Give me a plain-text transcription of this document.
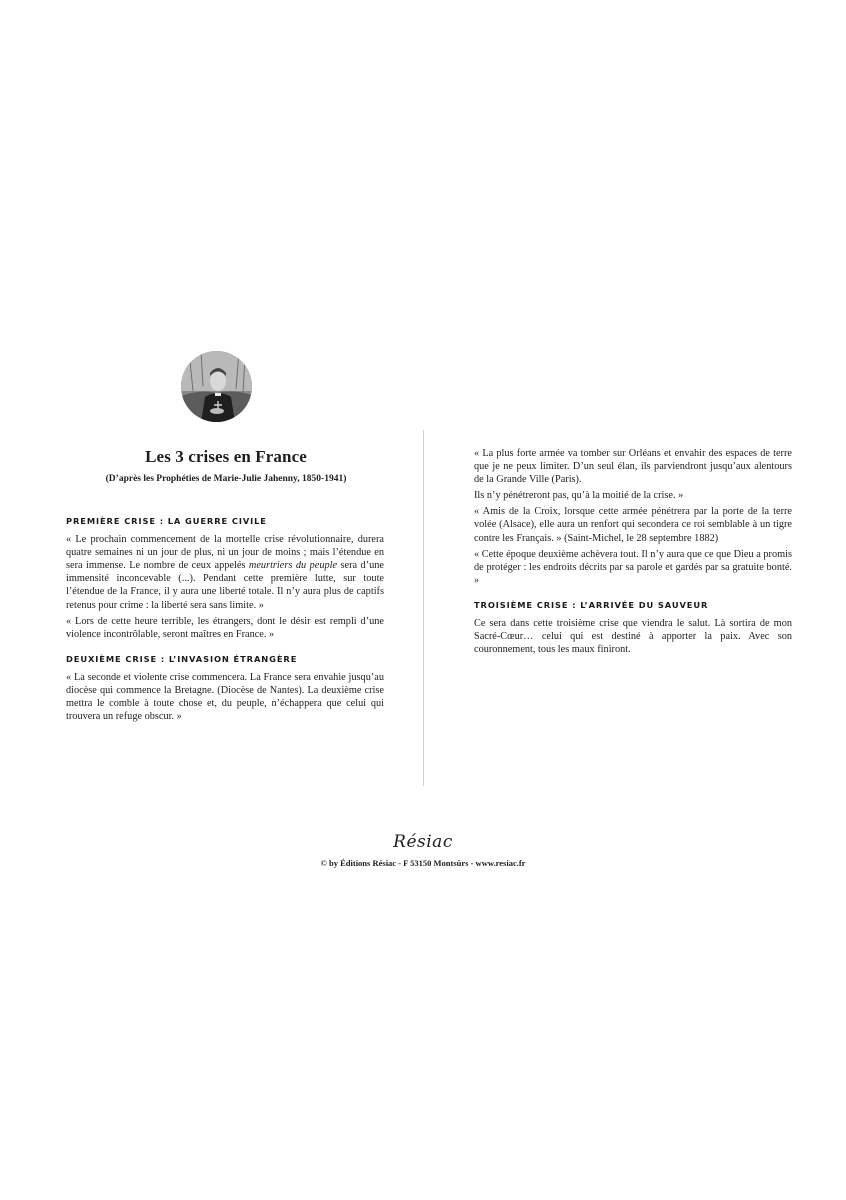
Les 3 crises en France
(D’après les Prophéties de Marie-Julie Jahenny, 1850-1941)
PREMIÈRE CRISE : LA GUERRE CIVILE

« Le prochain commencement de la mortelle crise révolutionnaire, durera quatre semaines ni un jour de plus, ni un jour de moins ; mais l’étendue en sera immense. Le nombre de ceux appelés meurtriers du peuple sera d’une immensité inconcevable (...). Pendant cette première lutte, sur toute l’étendue de la France, il y aura une liberté totale. Il n’y aura plus de captifs retenus pour crime : la liberté sera sans limite. »

« Lors de cette heure terrible, les étrangers, dont le désir est rempli d’une violence incontrôlable, seront maîtres en France. »

DEUXIÈME CRISE : L’INVASION ÉTRANGÈRE

« La seconde et violente crise commencera. La France sera envahie jusqu’au diocèse qui commence la Bretagne. (Diocèse de Nantes). La deuxième crise mettra le comble à toute chose et, du peuple, n’échappera que celui qui trouvera un refuge obscur. »

« La plus forte armée va tomber sur Orléans et envahir des espaces de terre que je ne peux limiter. D’un seul élan, ils parviendront jusqu’aux alentours de la Grande Ville (Paris).

Ils n’y pénétreront pas, qu’à la moitié de la crise. »

« Amis de la Croix, lorsque cette armée pénétrera par la porte de la terre volée (Alsace), elle aura un renfort qui secondera ce roi semblable à un tigre contre les Français. » (Saint-Michel, le 28 septembre 1882)

« Cette époque deuxième achèvera tout. Il n’y aura que ce que Dieu a promis de protéger : les endroits décrits par sa parole et gardés par sa gratuite bonté. »

TROISIÈME CRISE : L’ARRIVÉE DU SAUVEUR

Ce sera dans cette troisième crise que viendra le salut. Là sortira de mon Sacré-Cœur… celui qui est destiné à apporter la paix. Avec son couronnement, tous les maux finiront.

Résiac
© by Éditions Résiac - F 53150 Montsûrs - www.resiac.fr
